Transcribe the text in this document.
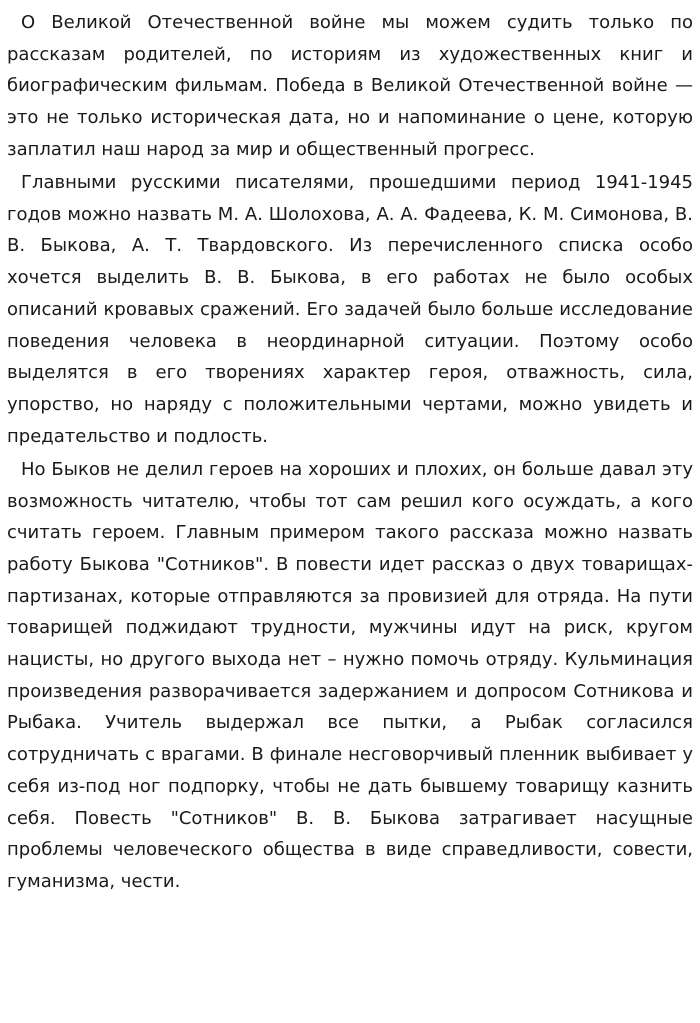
О Великой Отечественной войне мы можем судить только по рассказам родителей, по историям из художественных книг и биографическим фильмам. Победа в Великой Отечественной войне — это не только историческая дата, но и напоминание о цене, которую заплатил наш народ за мир и общественный прогресс.

Главными русскими писателями, прошедшими период 1941-1945 годов можно назвать М. А. Шолохова, А. А. Фадеева, К. М. Симонова, В. В. Быкова, А. Т. Твардовского. Из перечисленного списка особо хочется выделить В. В. Быкова, в его работах не было особых описаний кровавых сражений. Его задачей было больше исследование поведения человека в неординарной ситуации. Поэтому особо выделятся в его творениях характер героя, отважность, сила, упорство, но наряду с положительными чертами, можно увидеть и предательство и подлость.

Но Быков не делил героев на хороших и плохих, он больше давал эту возможность читателю, чтобы тот сам решил кого осуждать, а кого считать героем. Главным примером такого рассказа можно назвать работу Быкова "Сотников". В повести идет рассказ о двух товарищах-партизанах, которые отправляются за провизией для отряда. На пути товарищей поджидают трудности, мужчины идут на риск, кругом нацисты, но другого выхода нет – нужно помочь отряду. Кульминация произведения разворачивается задержанием и допросом Сотникова и Рыбака. Учитель выдержал все пытки, а Рыбак согласился сотрудничать с врагами. В финале несговорчивый пленник выбивает у себя из-под ног подпорку, чтобы не дать бывшему товарищу казнить себя. Повесть "Сотников" В. В. Быкова затрагивает насущные проблемы человеческого общества в виде справедливости, совести, гуманизма, чести.
